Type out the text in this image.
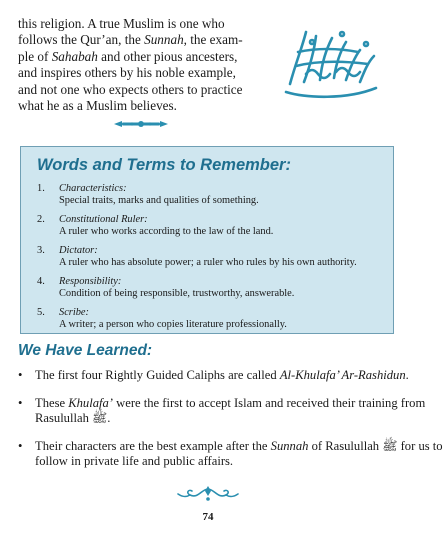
this religion. A true Muslim is one who
follows the Qur’an, the Sunnah, the exam-
ple of Sahabah and other pious ancesters,
and inspires others by his noble example,
and not one who expects others to practice
what he as a Muslim believes.
Words and Terms to Remember:
1. Characteristics:
Special traits, marks and qualities of something.
2. Constitutional Ruler:
A ruler who works according to the law of the land.
3. Dictator:
A ruler who has absolute power; a ruler who rules by his own authority.
4. Responsibility:
Condition of being responsible, trustworthy, answerable.
5. Scribe:
A writer; a person who copies literature professionally.
We Have Learned:
• The first four Rightly Guided Caliphs are called Al-Khulafa’ Ar-Rashidun.
• These Khulafa’ were the first to accept Islam and received their training from
Rasulullah ﷺ.
• Their characters are the best example after the Sunnah of Rasulullah ﷺ for us to
follow in private life and public affairs.
74
